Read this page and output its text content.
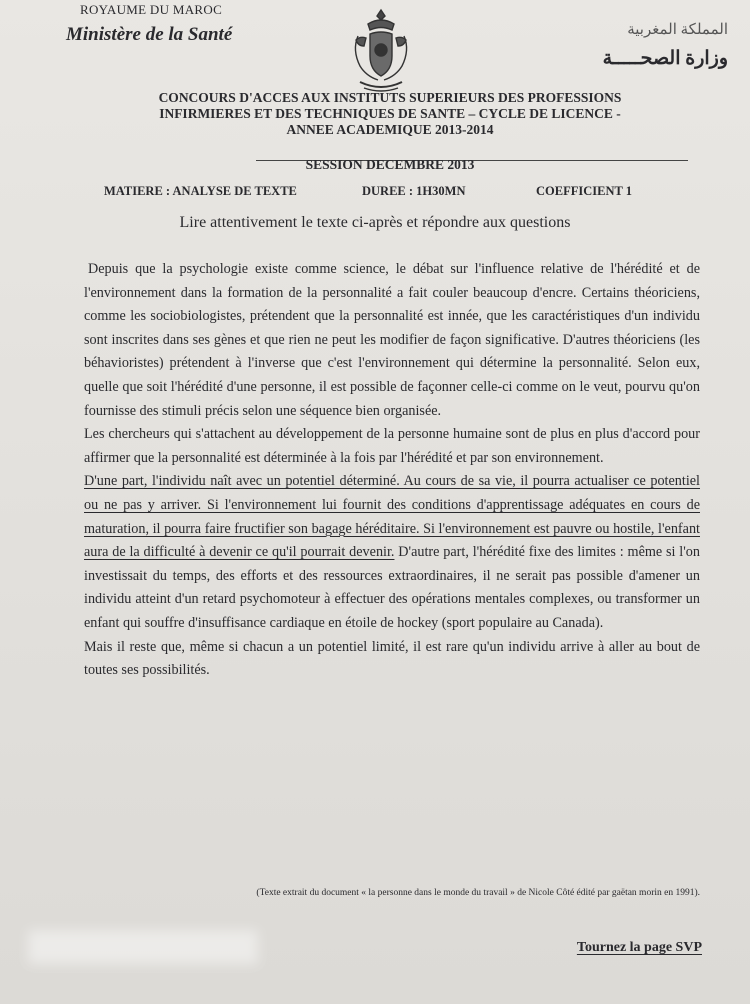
ROYAUME DU MAROC
Ministère de la Santé	المملكة المغربية
وزارة الصحـــــة
CONCOURS D'ACCES AUX INSTITUTS SUPERIEURS DES PROFESSIONS
INFIRMIERES ET DES TECHNIQUES DE SANTE – CYCLE DE LICENCE -
ANNEE ACADEMIQUE 2013-2014
SESSION DECEMBRE 2013
MATIERE : ANALYSE DE TEXTE	DUREE : 1H30MN	COEFFICIENT 1
Lire attentivement le texte ci-après et répondre aux questions

Depuis que la psychologie existe comme science, le débat sur l'influence relative de l'hérédité et de l'environnement dans la formation de la personnalité a fait couler beaucoup d'encre. Certains théoriciens, comme les sociobiologistes, prétendent que la personnalité est innée, que les caractéristiques d'un individu sont inscrites dans ses gènes et que rien ne peut les modifier de façon significative. D'autres théoriciens (les béhavioristes) prétendent à l'inverse que c'est l'environnement qui détermine la personnalité. Selon eux, quelle que soit l'hérédité d'une personne, il est possible de façonner celle-ci comme on le veut, pourvu qu'on fournisse des stimuli précis selon une séquence bien organisée.

Les chercheurs qui s'attachent au développement de la personne humaine sont de plus en plus d'accord pour affirmer que la personnalité est déterminée à la fois par l'hérédité et par son environnement.

D'une part, l'individu naît avec un potentiel déterminé. Au cours de sa vie, il pourra actualiser ce potentiel ou ne pas y arriver. Si l'environnement lui fournit des conditions d'apprentissage adéquates en cours de maturation, il pourra faire fructifier son bagage héréditaire. Si l'environnement est pauvre ou hostile, l'enfant aura de la difficulté à devenir ce qu'il pourrait devenir. D'autre part, l'hérédité fixe des limites : même si l'on investissait du temps, des efforts et des ressources extraordinaires, il ne serait pas possible d'amener un individu atteint d'un retard psychomoteur à effectuer des opérations mentales complexes, ou transformer un enfant qui souffre d'insuffisance cardiaque en étoile de hockey (sport populaire au Canada).

Mais il reste que, même si chacun a un potentiel limité, il est rare qu'un individu arrive à aller au bout de toutes ses possibilités.

(Texte extrait du document « la personne dans le monde du travail » de Nicole Côté édité par gaëtan morin en 1991).
Tournez la page SVP
